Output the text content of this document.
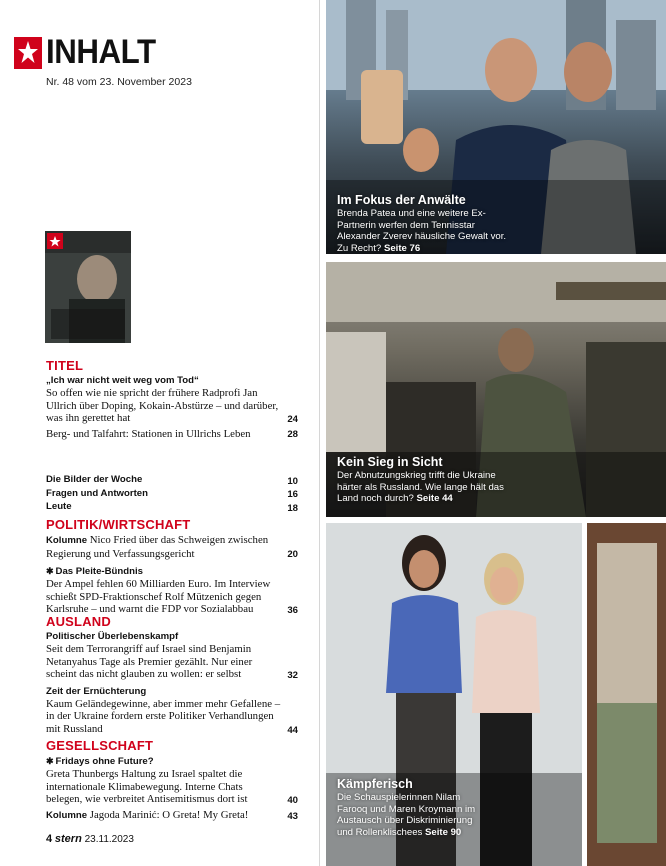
INHALT
Nr. 48 vom 23. November 2023
TITEL
„Ich war nicht weit weg vom Tod“
So offen wie nie spricht der frühere Radprofi Jan Ullrich über Doping, Kokain-Abstürze – und darüber, was ihn gerettet hat	24
Berg- und Talfahrt: Stationen in Ullrichs Leben	28
Die Bilder der Woche	10
Fragen und Antworten	16
Leute	18
POLITIK/WIRTSCHAFT
Kolumne Nico Fried über das Schweigen zwischen Regierung und Verfassungsgericht	20
✱ Das Pleite-Bündnis
Der Ampel fehlen 60 Milliarden Euro. Im Interview schießt SPD-Fraktionschef Rolf Mützenich gegen Karlsruhe – und warnt die FDP vor Sozialabbau	36
AUSLAND
Politischer Überlebenskampf
Seit dem Terrorangriff auf Israel sind Benjamin Netanyahus Tage als Premier gezählt. Nur einer scheint das nicht glauben zu wollen: er selbst	32
Zeit der Ernüchterung
Kaum Geländegewinne, aber immer mehr Gefallene – in der Ukraine fordern erste Politiker Verhandlungen mit Russland	44
GESELLSCHAFT
✱ Fridays ohne Future?
Greta Thunbergs Haltung zu Israel spaltet die internationale Klimabewegung. Interne Chats belegen, wie verbreitet Antisemitismus dort ist	40
Kolumne Jagoda Marinić: O Greta! My Greta!	43
Im Fokus der Anwälte
Brenda Patea und eine weitere Ex-Partnerin werfen dem Tennisstar Alexander Zverev häusliche Gewalt vor. Zu Recht? Seite 76
Kein Sieg in Sicht
Der Abnutzungskrieg trifft die Ukraine härter als Russland. Wie lange hält das Land noch durch? Seite 44
Kämpferisch
Die Schauspielerinnen Nilam Farooq und Maren Kroymann im Austausch über Diskriminierung und Rollenklischees Seite 90
4 stern 23.11.2023
